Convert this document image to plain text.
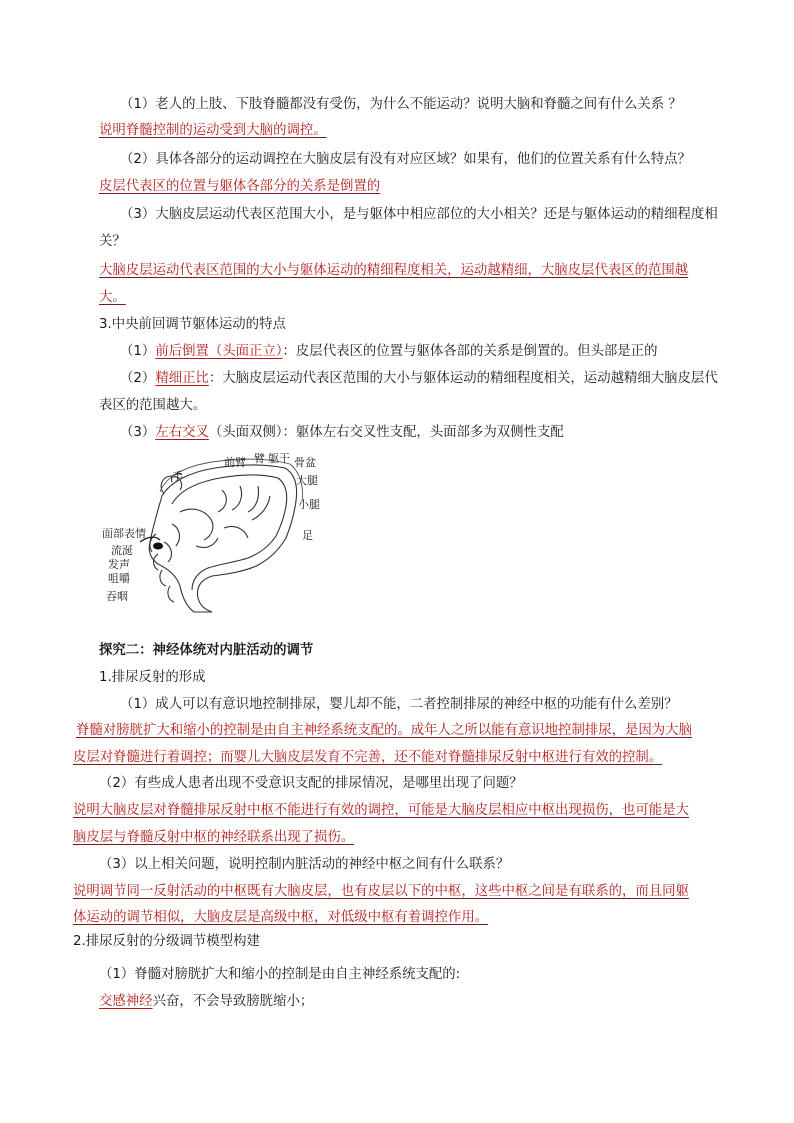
（1）老人的上肢、下肢脊髓都没有受伤，为什么不能运动？说明大脑和脊髓之间有什么关系 ？
说明脊髓控制的运动受到大脑的调控。
（2）具体各部分的运动调控在大脑皮层有没有对应区域？如果有，他们的位置关系有什么特点？
皮层代表区的位置与躯体各部分的关系是倒置的
（3）大脑皮层运动代表区范围大小，是与躯体中相应部位的大小相关？还是与躯体运动的精细程度相
关？
大脑皮层运动代表区范围的大小与躯体运动的精细程度相关，运动越精细，大脑皮层代表区的范围越
大。
3.中央前回调节躯体运动的特点
（1）前后倒置（头面正立）：皮层代表区的位置与躯体各部的关系是倒置的。但头部是正的
（2）精细正比：大脑皮层运动代表区范围的大小与躯体运动的精细程度相关，运动越精细大脑皮层代
表区的范围越大。
（3）左右交叉（头面双侧）：躯体左右交叉性支配，头面部多为双侧性支配
手
前臂 臂 躯干 骨盆
大腿
小腿
足
面部表情
流涎
发声
咀嚼
吞咽
探究二：神经体统对内脏活动的调节
1.排尿反射的形成
（1）成人可以有意识地控制排尿，婴儿却不能，二者控制排尿的神经中枢的功能有什么差别？
脊髓对膀胱扩大和缩小的控制是由自主神经系统支配的。成年人之所以能有意识地控制排尿，是因为大脑
皮层对脊髓进行着调控；而婴儿大脑皮层发育不完善，还不能对脊髓排尿反射中枢进行有效的控制。
（2）有些成人患者出现不受意识支配的排尿情况，是哪里出现了问题？
说明大脑皮层对脊髓排尿反射中枢不能进行有效的调控，可能是大脑皮层相应中枢出现损伤，也可能是大
脑皮层与脊髓反射中枢的神经联系出现了损伤。
（3）以上相关问题，说明控制内脏活动的神经中枢之间有什么联系？
说明调节同一反射活动的中枢既有大脑皮层，也有皮层以下的中枢，这些中枢之间是有联系的，而且同躯
体运动的调节相似，大脑皮层是高级中枢，对低级中枢有着调控作用。
2.排尿反射的分级调节模型构建
（1）脊髓对膀胱扩大和缩小的控制是由自主神经系统支配的:
交感神经兴奋，不会导致膀胱缩小；
